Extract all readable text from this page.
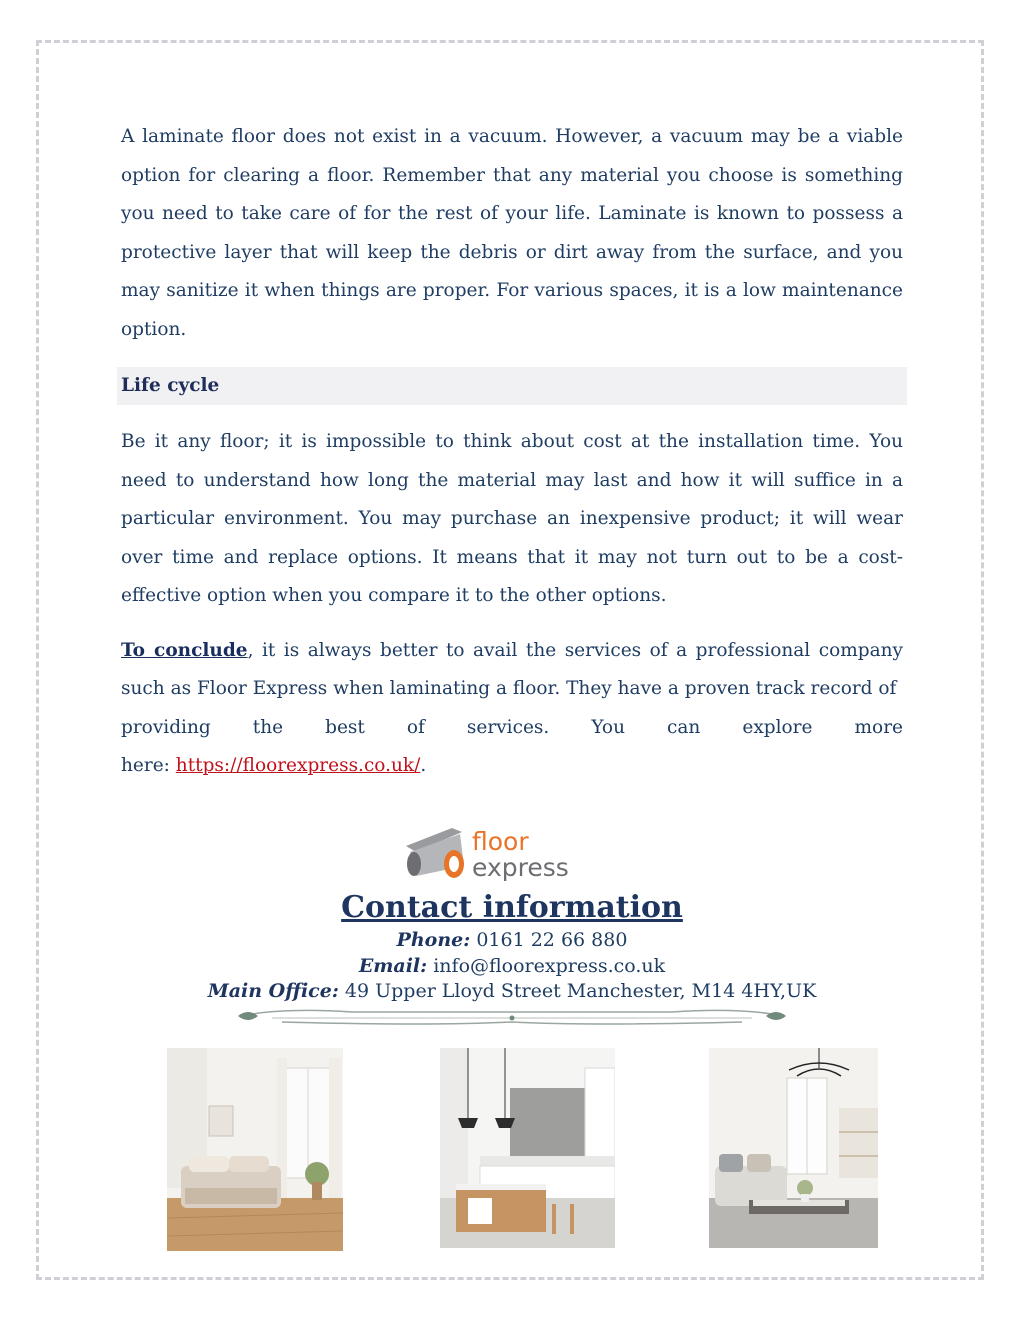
A laminate floor does not exist in a vacuum. However, a vacuum may be a viable option for clearing a floor. Remember that any material you choose is something you need to take care of for the rest of your life. Laminate is known to possess a protective layer that will keep the debris or dirt away from the surface, and you may sanitize it when things are proper. For various spaces, it is a low maintenance option.

Life cycle

Be it any floor; it is impossible to think about cost at the installation time. You need to understand how long the material may last and how it will suffice in a particular environment. You may purchase an inexpensive product; it will wear over time and replace options. It means that it may not turn out to be a cost-effective option when you compare it to the other options.

To conclude, it is always better to avail the services of a professional company such as Floor Express when laminating a floor. They have a proven track record of

providing the best of services. You can explore more

here: https://floorexpress.co.uk/.

floor
express

Contact information

Phone: 0161 22 66 880

Email: info@floorexpress.co.uk

Main Office: 49 Upper Lloyd Street Manchester, M14 4HY,UK
